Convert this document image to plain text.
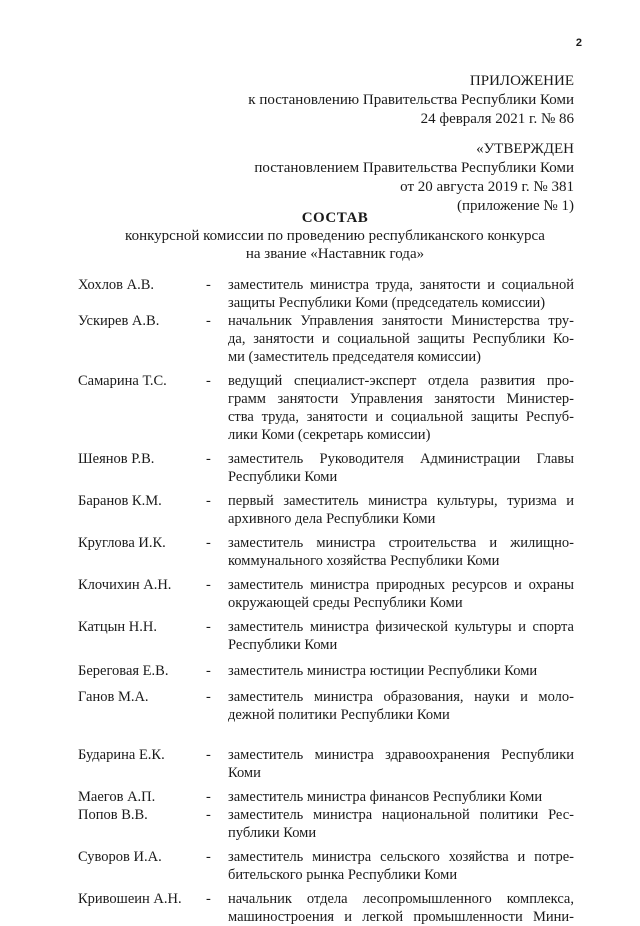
2
ПРИЛОЖЕНИЕ
к постановлению Правительства Республики Коми
24 февраля 2021 г. № 86
«УТВЕРЖДЕН
постановлением Правительства Республики Коми
от 20 августа 2019 г. № 381
(приложение № 1)
СОСТАВ
конкурсной комиссии по проведению республиканского конкурса
на звание «Наставник года»
Хохлов А.В.	-	заместитель министра труда, занятости и социальной
защиты Республики Коми (председатель комиссии)
Ускирев А.В.	-	начальник Управления занятости Министерства тру-
да, занятости и социальной защиты Республики Ко-
ми (заместитель председателя комиссии)
Самарина Т.С.	-	ведущий специалист-эксперт отдела развития про-
грамм занятости Управления занятости Министер-
ства труда, занятости и социальной защиты Респуб-
лики Коми (секретарь комиссии)
Шеянов Р.В.	-	заместитель Руководителя Администрации Главы
Республики Коми
Баранов К.М.	-	первый заместитель министра культуры, туризма и
архивного дела Республики Коми
Круглова И.К.	-	заместитель министра строительства и жилищно-
коммунального хозяйства Республики Коми
Клочихин А.Н.	-	заместитель министра природных ресурсов и охраны
окружающей среды Республики Коми
Катцын Н.Н.	-	заместитель министра физической культуры и спорта
Республики Коми
Береговая Е.В.	-	заместитель министра юстиции Республики Коми
Ганов М.А.	-	заместитель министра образования, науки и моло-
дежной политики Республики Коми
Бударина Е.К.	-	заместитель министра здравоохранения Республики
Коми
Маегов А.П.	-	заместитель министра финансов Республики Коми
Попов В.В.	-	заместитель министра национальной политики Рес-
публики Коми
Суворов И.А.	-	заместитель министра сельского хозяйства и потре-
бительского рынка Республики Коми
Кривошеин А.Н.	-	начальник отдела лесопромышленного комплекса,
машиностроения и легкой промышленности Мини-
